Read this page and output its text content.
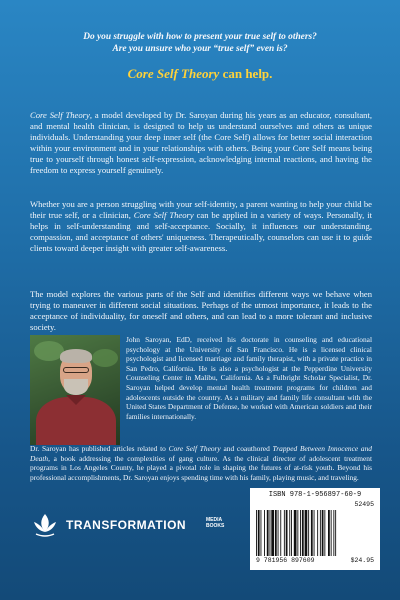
Do you struggle with how to present your true self to others?
Are you unsure who your “true self” even is?
Core Self Theory can help.
Core Self Theory, a model developed by Dr. Saroyan during his years as an educator, consultant, and mental health clinician, is designed to help us understand ourselves and others as unique individuals. Understanding your deep inner self (the Core Self) allows for better social interaction within your environment and in your relationships with others. Being your Core Self means being true to yourself through honest self-expression, acknowledging internal reactions, and having the freedom to express yourself genuinely.
Whether you are a person struggling with your self-identity, a parent wanting to help your child be their true self, or a clinician, Core Self Theory can be applied in a variety of ways. Personally, it helps in self-understanding and self-acceptance. Socially, it influences our understanding, compassion, and acceptance of others' uniqueness. Therapeutically, counselors can use it to guide clients toward deeper insight with greater self-awareness.
The model explores the various parts of the Self and identifies different ways we behave when trying to maneuver in different social situations. Perhaps of the utmost importance, it leads to the acceptance of individuality, for oneself and others, and can lead to a more tolerant and inclusive society.
John Saroyan, EdD, received his doctorate in counseling and educational psychology at the University of San Francisco. He is a licensed clinical psychologist and licensed marriage and family therapist, with a private practice in San Pedro, California. He is also a psychologist at the Pepperdine University Counseling Center in Malibu, California. As a Fulbright Scholar Specialist, Dr. Saroyan helped develop mental health treatment programs for children and adolescents outside the country. As a military and family life consultant with the United States Department of Defense, he worked with American soldiers and their families internationally.
Dr. Saroyan has published articles related to Core Self Theory and coauthored Trapped Between Innocence and Death, a book addressing the complexities of gang culture. As the clinical director of adolescent treatment programs in Los Angeles County, he played a pivotal role in shaping the futures of at-risk youth. Beyond his professional accomplishments, Dr. Saroyan enjoys spending time with his family, playing music, and traveling.
TRANSFORMATION	MEDIA
BOOKS
ISBN 978-1-956897-60-9
52495
9 781956 897609	$24.95
